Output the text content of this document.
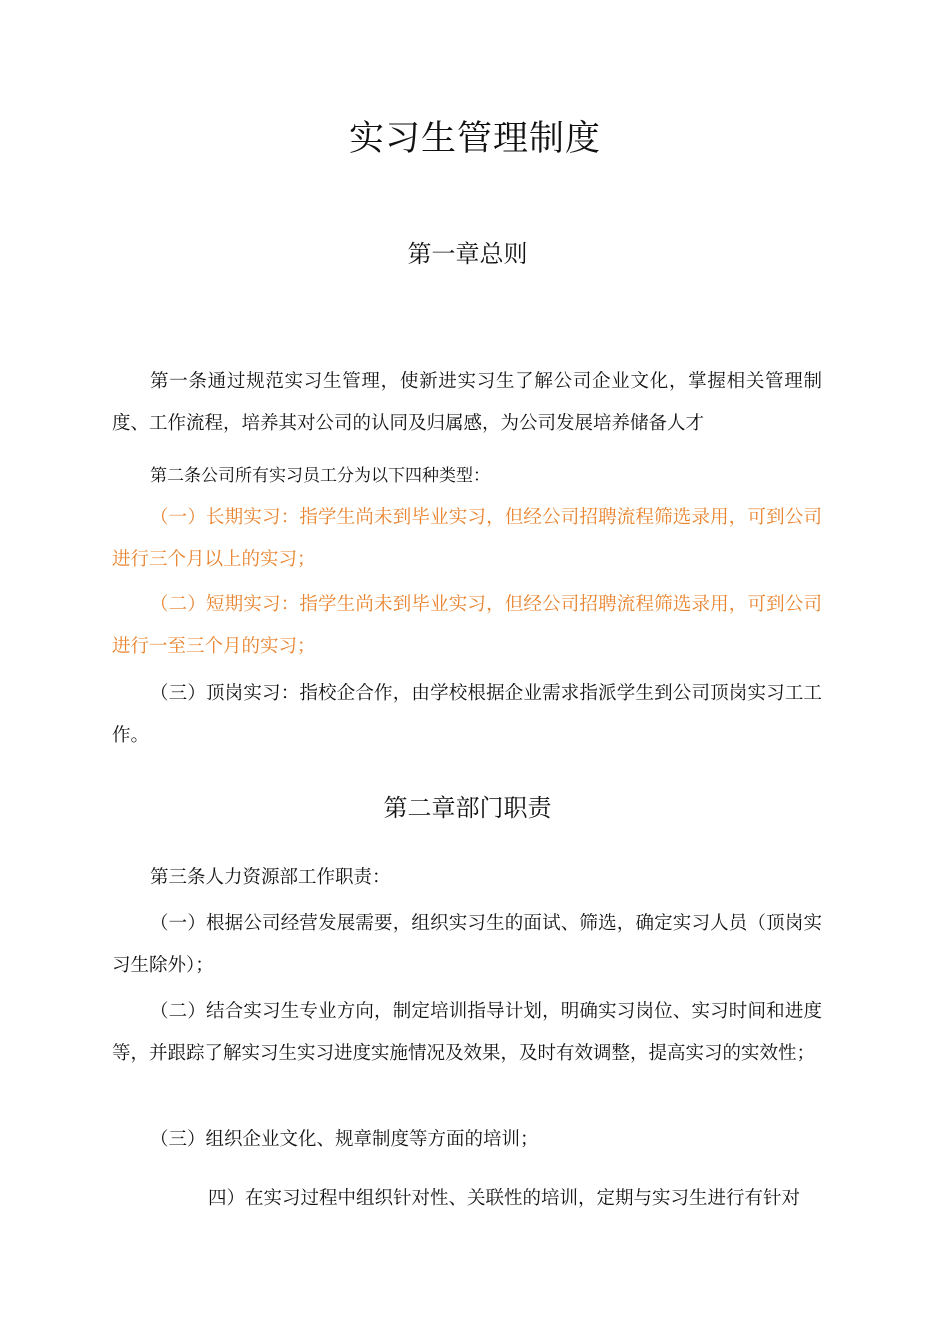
实习生管理制度
第一章总则

第一条通过规范实习生管理，使新进实习生了解公司企业文化，掌握相关管理制度、工作流程，培养其对公司的认同及归属感，为公司发展培养储备人才

第二条公司所有实习员工分为以下四种类型：

（一）长期实习：指学生尚未到毕业实习，但经公司招聘流程筛选录用，可到公司进行三个月以上的实习；

（二）短期实习：指学生尚未到毕业实习，但经公司招聘流程筛选录用，可到公司进行一至三个月的实习；

（三）顶岗实习：指校企合作，由学校根据企业需求指派学生到公司顶岗实习工工作。

第二章部门职责

第三条人力资源部工作职责：

（一）根据公司经营发展需要，组织实习生的面试、筛选，确定实习人员（顶岗实习生除外）；

（二）结合实习生专业方向，制定培训指导计划，明确实习岗位、实习时间和进度等，并跟踪了解实习生实习进度实施情况及效果，及时有效调整，提高实习的实效性；

（三）组织企业文化、规章制度等方面的培训；

四）在实习过程中组织针对性、关联性的培训，定期与实习生进行有针对
